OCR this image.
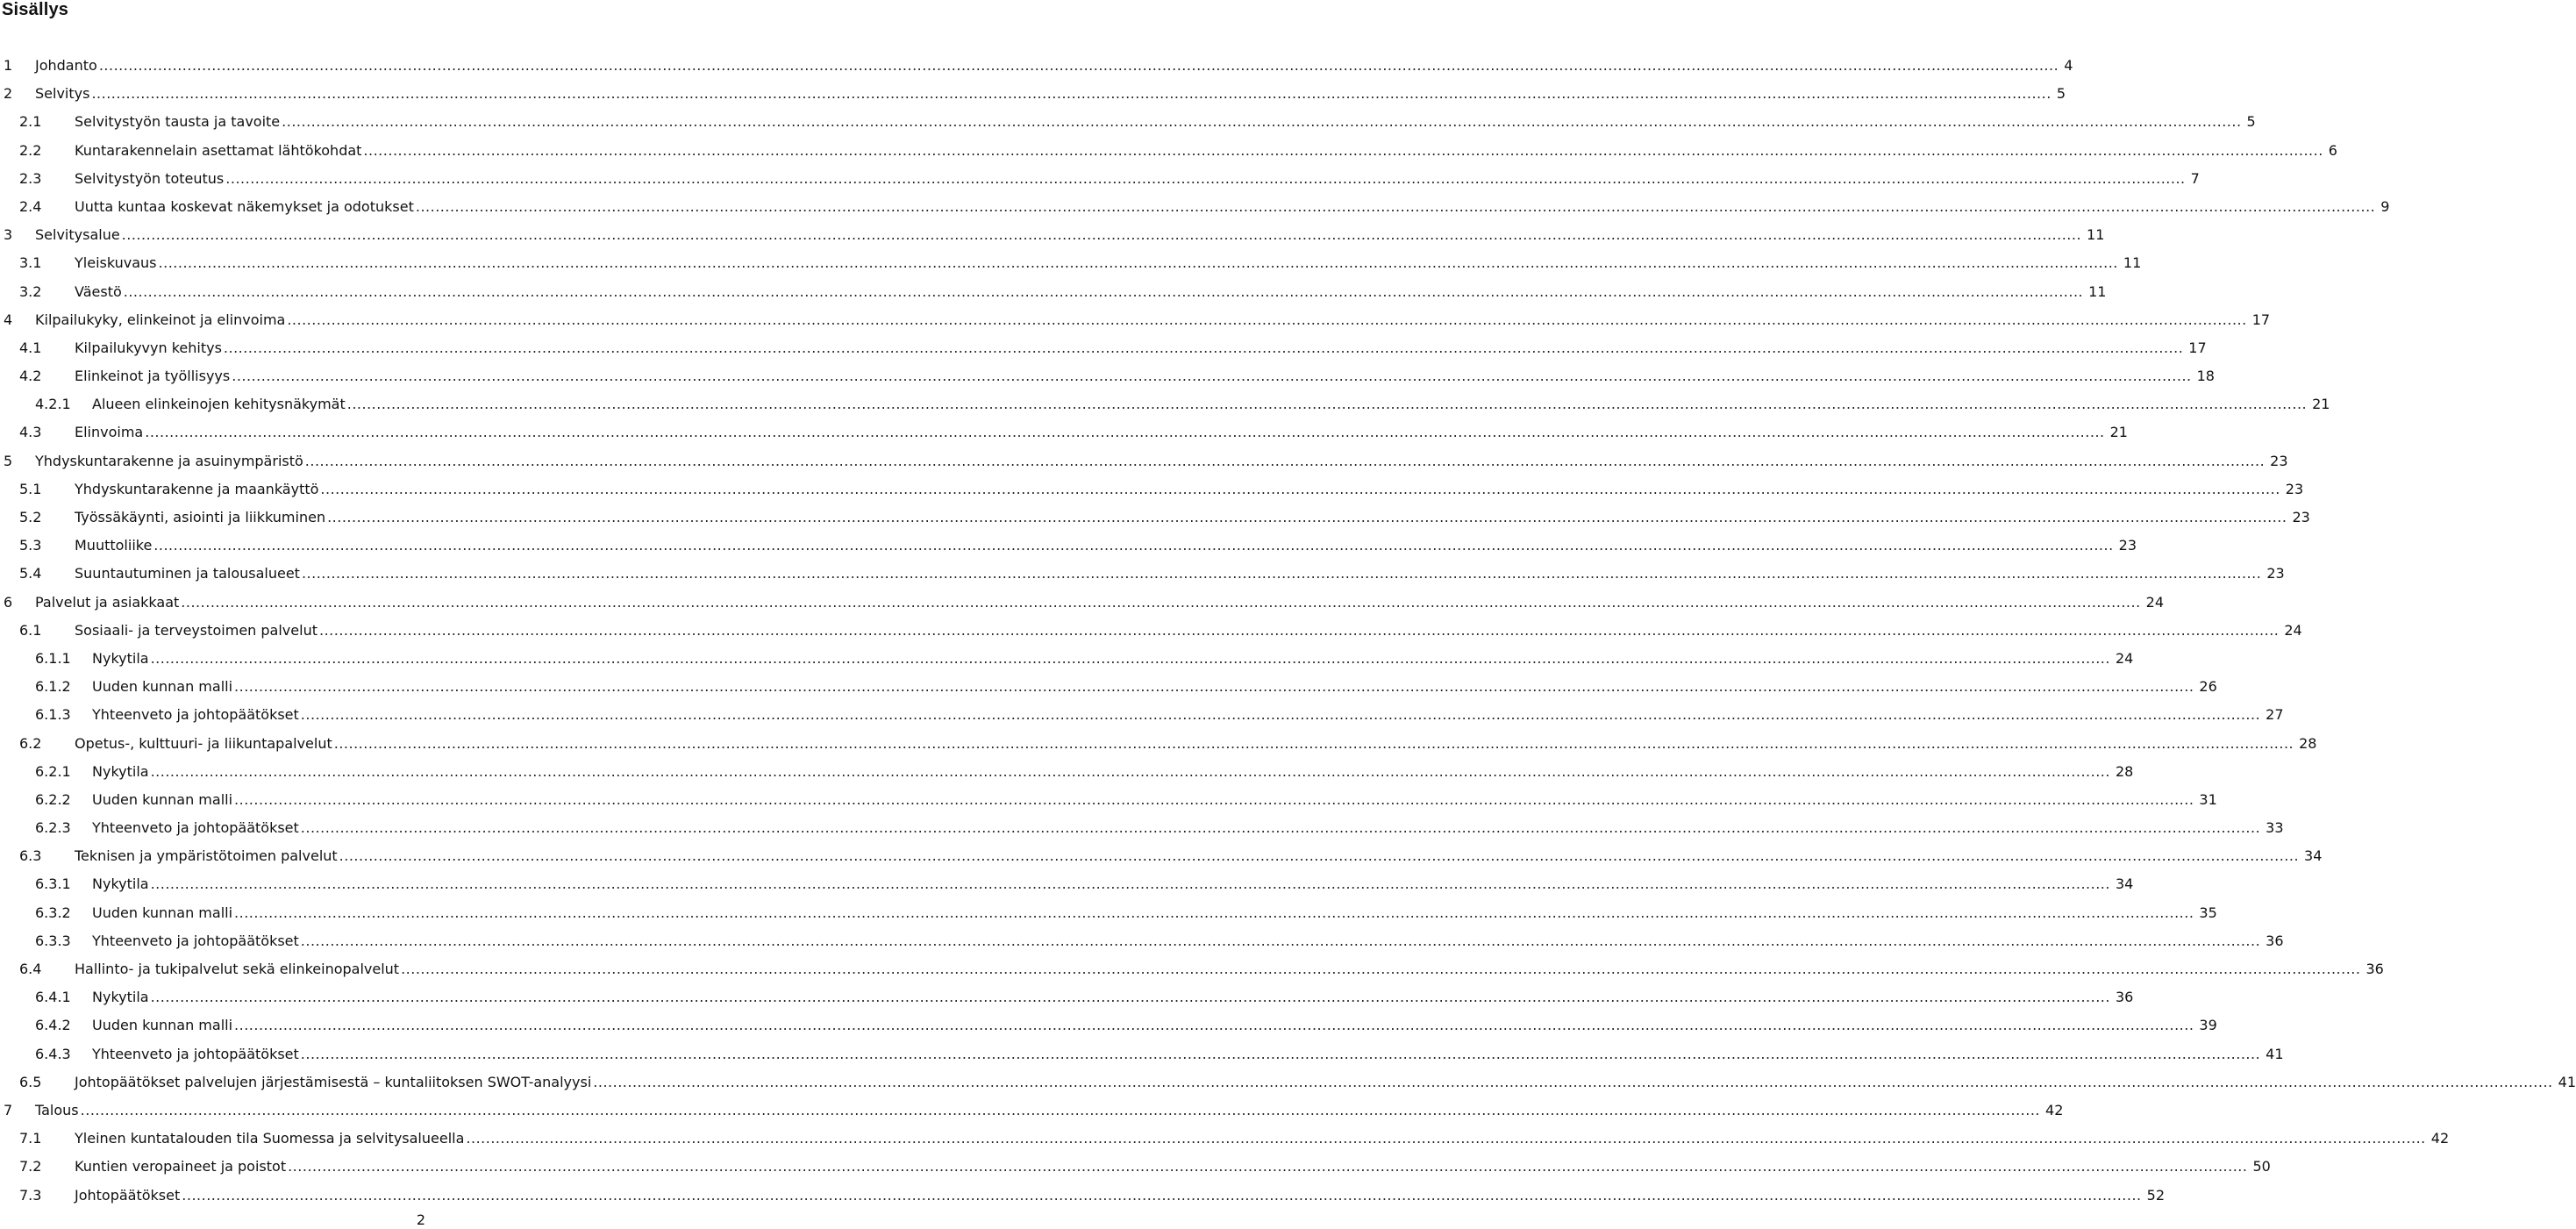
Sisällys
1 Johdanto ................................................................................................................................................................................................................................................................................................................................................................................................................ 4
2 Selvitys ................................................................................................................................................................................................................................................................................................................................................................................................................ 5
2.1 Selvitystyön tausta ja tavoite ................................................................................................................................................................................................................................................................................................................................................................................................................ 5
2.2 Kuntarakennelain asettamat lähtökohdat ................................................................................................................................................................................................................................................................................................................................................................................................................ 6
2.3 Selvitystyön toteutus ................................................................................................................................................................................................................................................................................................................................................................................................................ 7
2.4 Uutta kuntaa koskevat näkemykset ja odotukset ................................................................................................................................................................................................................................................................................................................................................................................................................ 9
3 Selvitysalue ................................................................................................................................................................................................................................................................................................................................................................................................................ 11
3.1 Yleiskuvaus ................................................................................................................................................................................................................................................................................................................................................................................................................ 11
3.2 Väestö ................................................................................................................................................................................................................................................................................................................................................................................................................ 11
4 Kilpailukyky, elinkeinot ja elinvoima ................................................................................................................................................................................................................................................................................................................................................................................................................ 17
4.1 Kilpailukyvyn kehitys ................................................................................................................................................................................................................................................................................................................................................................................................................ 17
4.2 Elinkeinot ja työllisyys ................................................................................................................................................................................................................................................................................................................................................................................................................ 18
4.2.1 Alueen elinkeinojen kehitysnäkymät ................................................................................................................................................................................................................................................................................................................................................................................................................ 21
4.3 Elinvoima ................................................................................................................................................................................................................................................................................................................................................................................................................ 21
5 Yhdyskuntarakenne ja asuinympäristö ................................................................................................................................................................................................................................................................................................................................................................................................................ 23
5.1 Yhdyskuntarakenne ja maankäyttö ................................................................................................................................................................................................................................................................................................................................................................................................................ 23
5.2 Työssäkäynti, asiointi ja liikkuminen ................................................................................................................................................................................................................................................................................................................................................................................................................ 23
5.3 Muuttoliike ................................................................................................................................................................................................................................................................................................................................................................................................................ 23
5.4 Suuntautuminen ja talousalueet ................................................................................................................................................................................................................................................................................................................................................................................................................ 23
6 Palvelut ja asiakkaat ................................................................................................................................................................................................................................................................................................................................................................................................................ 24
6.1 Sosiaali- ja terveystoimen palvelut ................................................................................................................................................................................................................................................................................................................................................................................................................ 24
6.1.1 Nykytila ................................................................................................................................................................................................................................................................................................................................................................................................................ 24
6.1.2 Uuden kunnan malli ................................................................................................................................................................................................................................................................................................................................................................................................................ 26
6.1.3 Yhteenveto ja johtopäätökset ................................................................................................................................................................................................................................................................................................................................................................................................................ 27
6.2 Opetus-, kulttuuri- ja liikuntapalvelut ................................................................................................................................................................................................................................................................................................................................................................................................................ 28
6.2.1 Nykytila ................................................................................................................................................................................................................................................................................................................................................................................................................ 28
6.2.2 Uuden kunnan malli ................................................................................................................................................................................................................................................................................................................................................................................................................ 31
6.2.3 Yhteenveto ja johtopäätökset ................................................................................................................................................................................................................................................................................................................................................................................................................ 33
6.3 Teknisen ja ympäristötoimen palvelut ................................................................................................................................................................................................................................................................................................................................................................................................................ 34
6.3.1 Nykytila ................................................................................................................................................................................................................................................................................................................................................................................................................ 34
6.3.2 Uuden kunnan malli ................................................................................................................................................................................................................................................................................................................................................................................................................ 35
6.3.3 Yhteenveto ja johtopäätökset ................................................................................................................................................................................................................................................................................................................................................................................................................ 36
6.4 Hallinto- ja tukipalvelut sekä elinkeinopalvelut ................................................................................................................................................................................................................................................................................................................................................................................................................ 36
6.4.1 Nykytila ................................................................................................................................................................................................................................................................................................................................................................................................................ 36
6.4.2 Uuden kunnan malli ................................................................................................................................................................................................................................................................................................................................................................................................................ 39
6.4.3 Yhteenveto ja johtopäätökset ................................................................................................................................................................................................................................................................................................................................................................................................................ 41
6.5 Johtopäätökset palvelujen järjestämisestä – kuntaliitoksen SWOT-analyysi ................................................................................................................................................................................................................................................................................................................................................................................................................ 41
7 Talous ................................................................................................................................................................................................................................................................................................................................................................................................................ 42
7.1 Yleinen kuntatalouden tila Suomessa ja selvitysalueella ................................................................................................................................................................................................................................................................................................................................................................................................................ 42
7.2 Kuntien veropaineet ja poistot ................................................................................................................................................................................................................................................................................................................................................................................................................ 50
7.3 Johtopäätökset ................................................................................................................................................................................................................................................................................................................................................................................................................ 52
2
